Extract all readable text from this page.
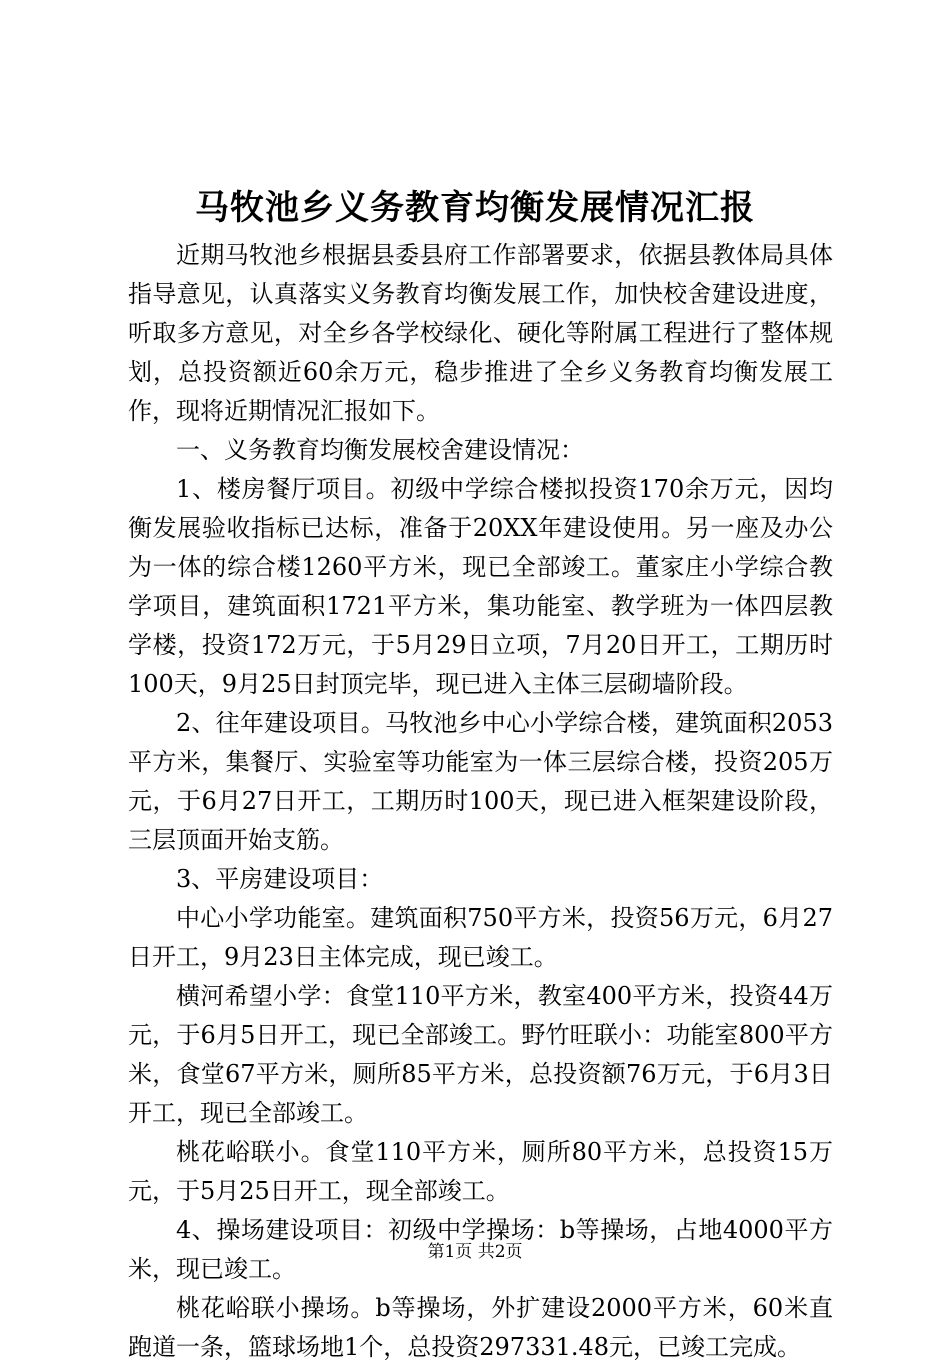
马牧池乡义务教育均衡发展情况汇报

近期马牧池乡根据县委县府工作部署要求，依据县教体局具体指导意见，认真落实义务教育均衡发展工作，加快校舍建设进度，听取多方意见，对全乡各学校绿化、硬化等附属工程进行了整体规划，总投资额近60余万元，稳步推进了全乡义务教育均衡发展工作，现将近期情况汇报如下。

一、义务教育均衡发展校舍建设情况：

1、楼房餐厅项目。初级中学综合楼拟投资170余万元，因均衡发展验收指标已达标，准备于20XX年建设使用。另一座及办公为一体的综合楼1260平方米，现已全部竣工。董家庄小学综合教学项目，建筑面积1721平方米，集功能室、教学班为一体四层教学楼，投资172万元，于5月29日立项，7月20日开工，工期历时100天，9月25日封顶完毕，现已进入主体三层砌墙阶段。

2、往年建设项目。马牧池乡中心小学综合楼，建筑面积2053平方米，集餐厅、实验室等功能室为一体三层综合楼，投资205万元，于6月27日开工，工期历时100天，现已进入框架建设阶段，三层顶面开始支筋。

3、平房建设项目：

中心小学功能室。建筑面积750平方米，投资56万元，6月27日开工，9月23日主体完成，现已竣工。

横河希望小学：食堂110平方米，教室400平方米，投资44万元，于6月5日开工，现已全部竣工。野竹旺联小：功能室800平方米，食堂67平方米，厕所85平方米，总投资额76万元，于6月3日开工，现已全部竣工。

桃花峪联小。食堂110平方米，厕所80平方米，总投资15万元，于5月25日开工，现全部竣工。

4、操场建设项目：初级中学操场：b等操场，占地4000平方米，现已竣工。

桃花峪联小操场。b等操场，外扩建设2000平方米，60米直跑道一条，篮球场地1个，总投资297331.48元，已竣工完成。

第1页 共2页
